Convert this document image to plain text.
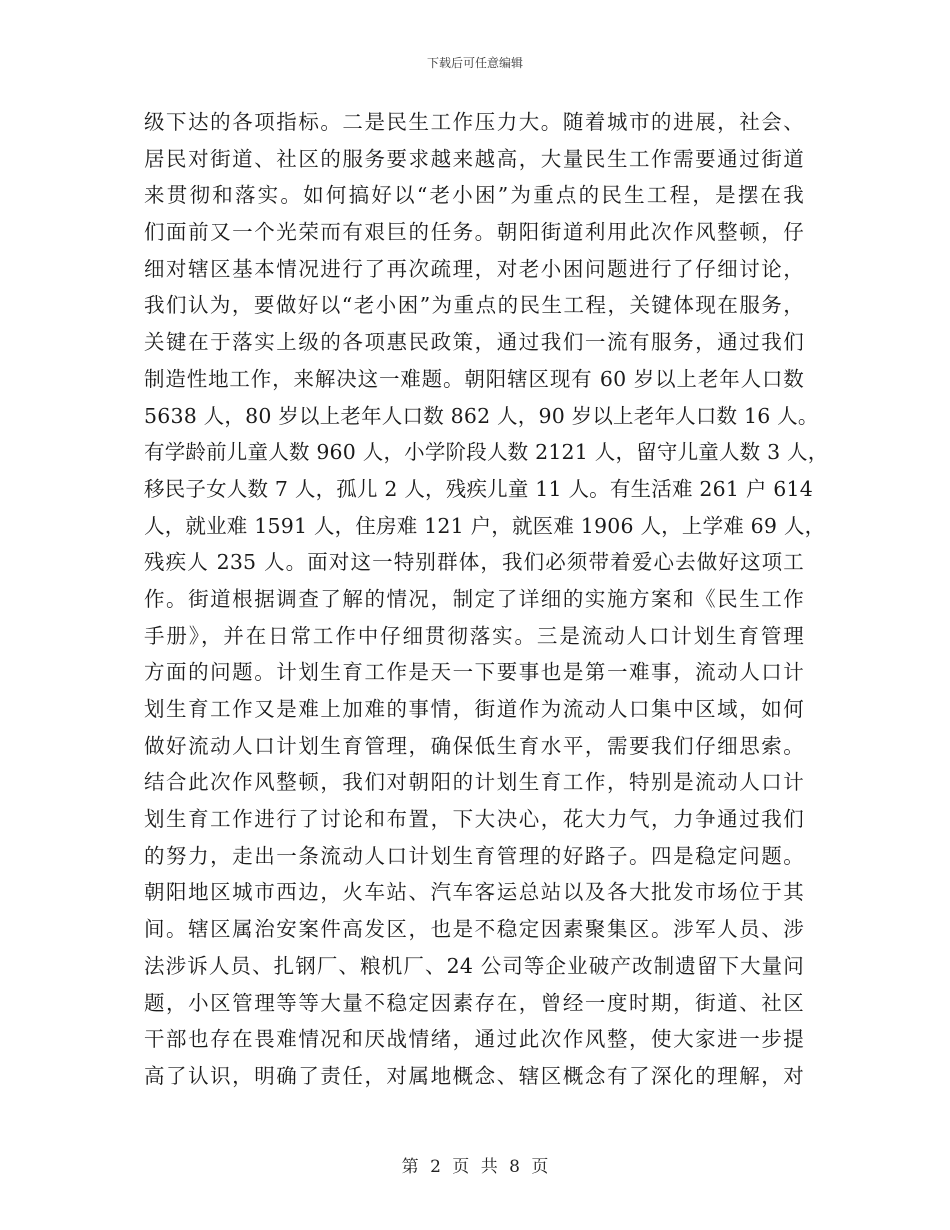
下载后可任意编辑
级下达的各项指标。二是民生工作压力大。随着城市的进展，社会、
居民对街道、社区的服务要求越来越高，大量民生工作需要通过街道
来贯彻和落实。如何搞好以“老小困”为重点的民生工程，是摆在我
们面前又一个光荣而有艰巨的任务。朝阳街道利用此次作风整顿，仔
细对辖区基本情况进行了再次疏理，对老小困问题进行了仔细讨论，
我们认为，要做好以“老小困”为重点的民生工程，关键体现在服务，
关键在于落实上级的各项惠民政策，通过我们一流有服务，通过我们
制造性地工作，来解决这一难题。朝阳辖区现有 60 岁以上老年人口数
5638 人，80 岁以上老年人口数 862 人，90 岁以上老年人口数 16 人。
有学龄前儿童人数 960 人，小学阶段人数 2121 人，留守儿童人数 3 人，
移民子女人数 7 人，孤儿 2 人，残疾儿童 11 人。有生活难 261 户 614
人，就业难 1591 人，住房难 121 户，就医难 1906 人，上学难 69 人，
残疾人 235 人。面对这一特别群体，我们必须带着爱心去做好这项工
作。街道根据调查了解的情况，制定了详细的实施方案和《民生工作
手册》，并在日常工作中仔细贯彻落实。三是流动人口计划生育管理
方面的问题。计划生育工作是天一下要事也是第一难事，流动人口计
划生育工作又是难上加难的事情，街道作为流动人口集中区域，如何
做好流动人口计划生育管理，确保低生育水平，需要我们仔细思索。
结合此次作风整顿，我们对朝阳的计划生育工作，特别是流动人口计
划生育工作进行了讨论和布置，下大决心，花大力气，力争通过我们
的努力，走出一条流动人口计划生育管理的好路子。四是稳定问题。
朝阳地区城市西边，火车站、汽车客运总站以及各大批发市场位于其
间。辖区属治安案件高发区，也是不稳定因素聚集区。涉军人员、涉
法涉诉人员、扎钢厂、粮机厂、24 公司等企业破产改制遗留下大量问
题，小区管理等等大量不稳定因素存在，曾经一度时期，街道、社区
干部也存在畏难情况和厌战情绪，通过此次作风整，使大家进一步提
高了认识，明确了责任，对属地概念、辖区概念有了深化的理解，对
第 2 页 共 8 页
